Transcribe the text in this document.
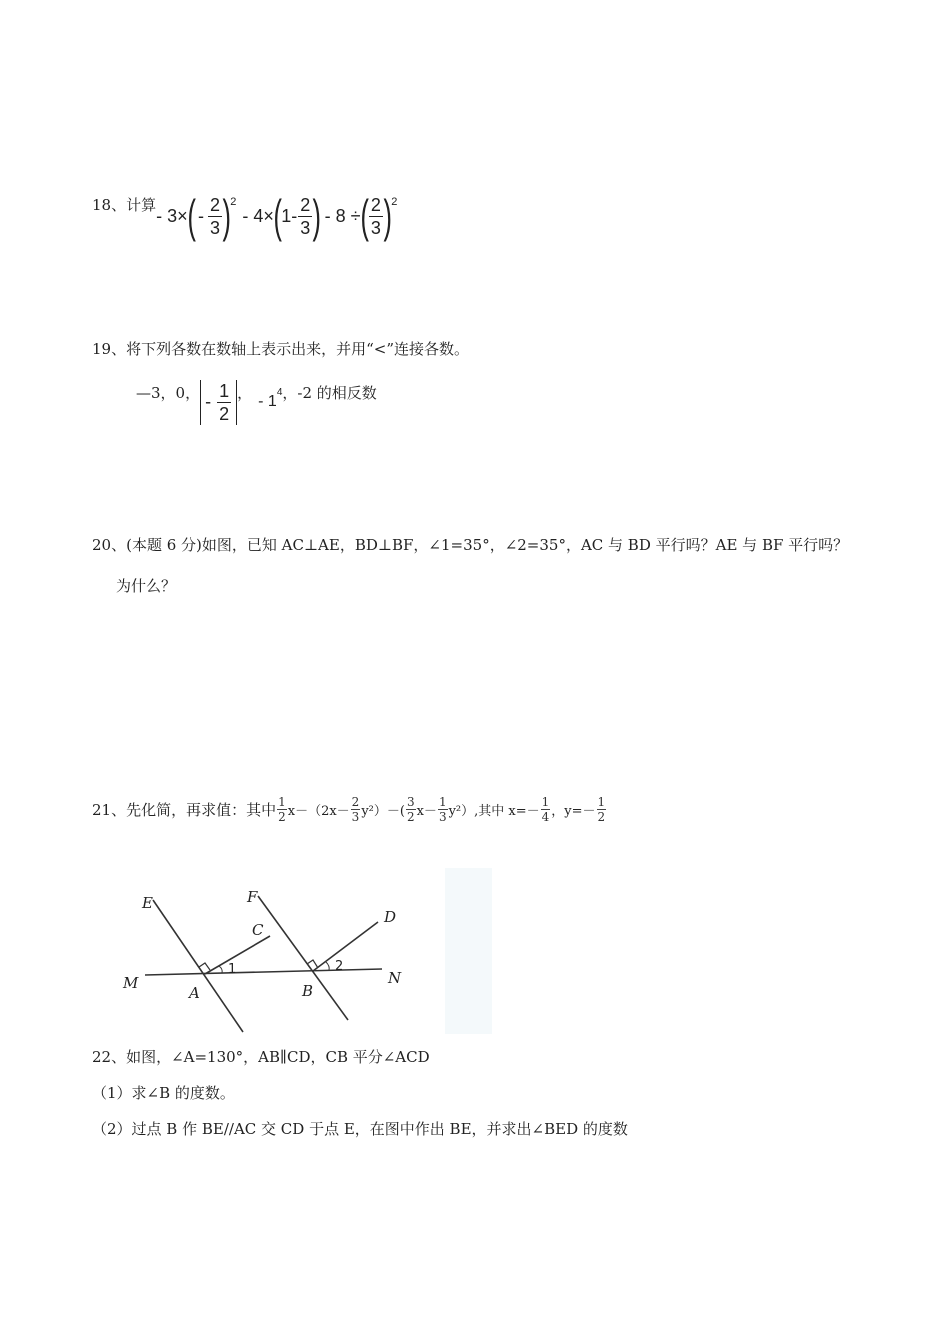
18、计算
- 3× ( - $\frac{2}{3}$ ) 2
- 4× ( $1- \frac{2}{3}$ ) - 8 ÷ ( $\frac{2}{3}$ ) 2
19、将下列各数在数轴上表示出来，并用“<”连接各数。
—3，0， - $\frac{1}{2}$ ， - $1^4$ ， -2 的相反数
20、(本题 6 分)如图，已知 AC⊥AE，BD⊥BF，∠1=35°，∠2=35°，AC 与 BD 平行吗？AE 与 BF 平行吗？
为什么？
21、先化简，再求值：其中 $\frac{1}{2} x-(2x- \frac{2}{3} y^2)-( \frac{3}{2} x- \frac{1}{3} y^2)$,其中 $x=- \frac{1}{4}$ ，$y=- \frac{1}{2}$
E	F
C
D
M	N
A	B
1	2
22、如图，∠A=130°，AB∥CD，CB 平分∠ACD
（1）求∠B 的度数。
（2）过点 B 作 BE//AC 交 CD 于点 E，在图中作出 BE，并求出∠BED 的度数
